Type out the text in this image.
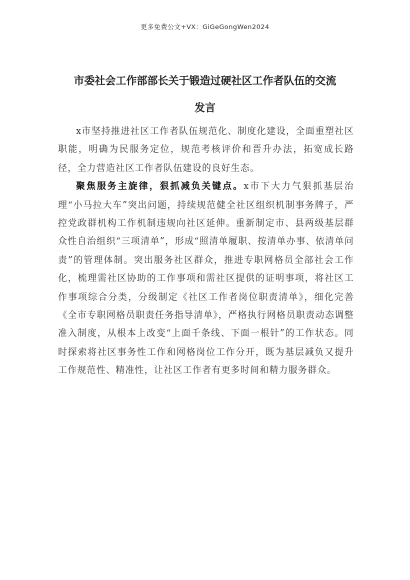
更多免费公文+VX：GiGeGongWen2024
市委社会工作部部长关于锻造过硬社区工作者队伍的交流
发言

x市坚持推进社区工作者队伍规范化、制度化建设，全面重塑社区职能，明确为民服务定位，规范考核评价和晋升办法，拓宽成长路径，全力营造社区工作者队伍建设的良好生态。

聚焦服务主旋律，狠抓减负关键点。x市下大力气狠抓基层治理“小马拉大车”突出问题，持续规范健全社区组织机制事务牌子，严控党政群机构工作机制违规向社区延伸。重新制定市、县两级基层群众性自治组织“三项清单”，形成“照清单履职、按清单办事、依清单问责”的管理体制。突出服务社区群众，推进专职网格员全部社会工作化，梳理需社区协助的工作事项和需社区提供的证明事项，将社区工作事项综合分类，分级制定《社区工作者岗位职责清单》，细化完善《全市专职网格员职责任务指导清单》，严格执行网格员职责动态调整准入制度，从根本上改变“上面千条线、下面一根针”的工作状态。同时探索将社区事务性工作和网格岗位工作分开，既为基层减负又提升工作规范性、精准性，让社区工作者有更多时间和精力服务群众。
